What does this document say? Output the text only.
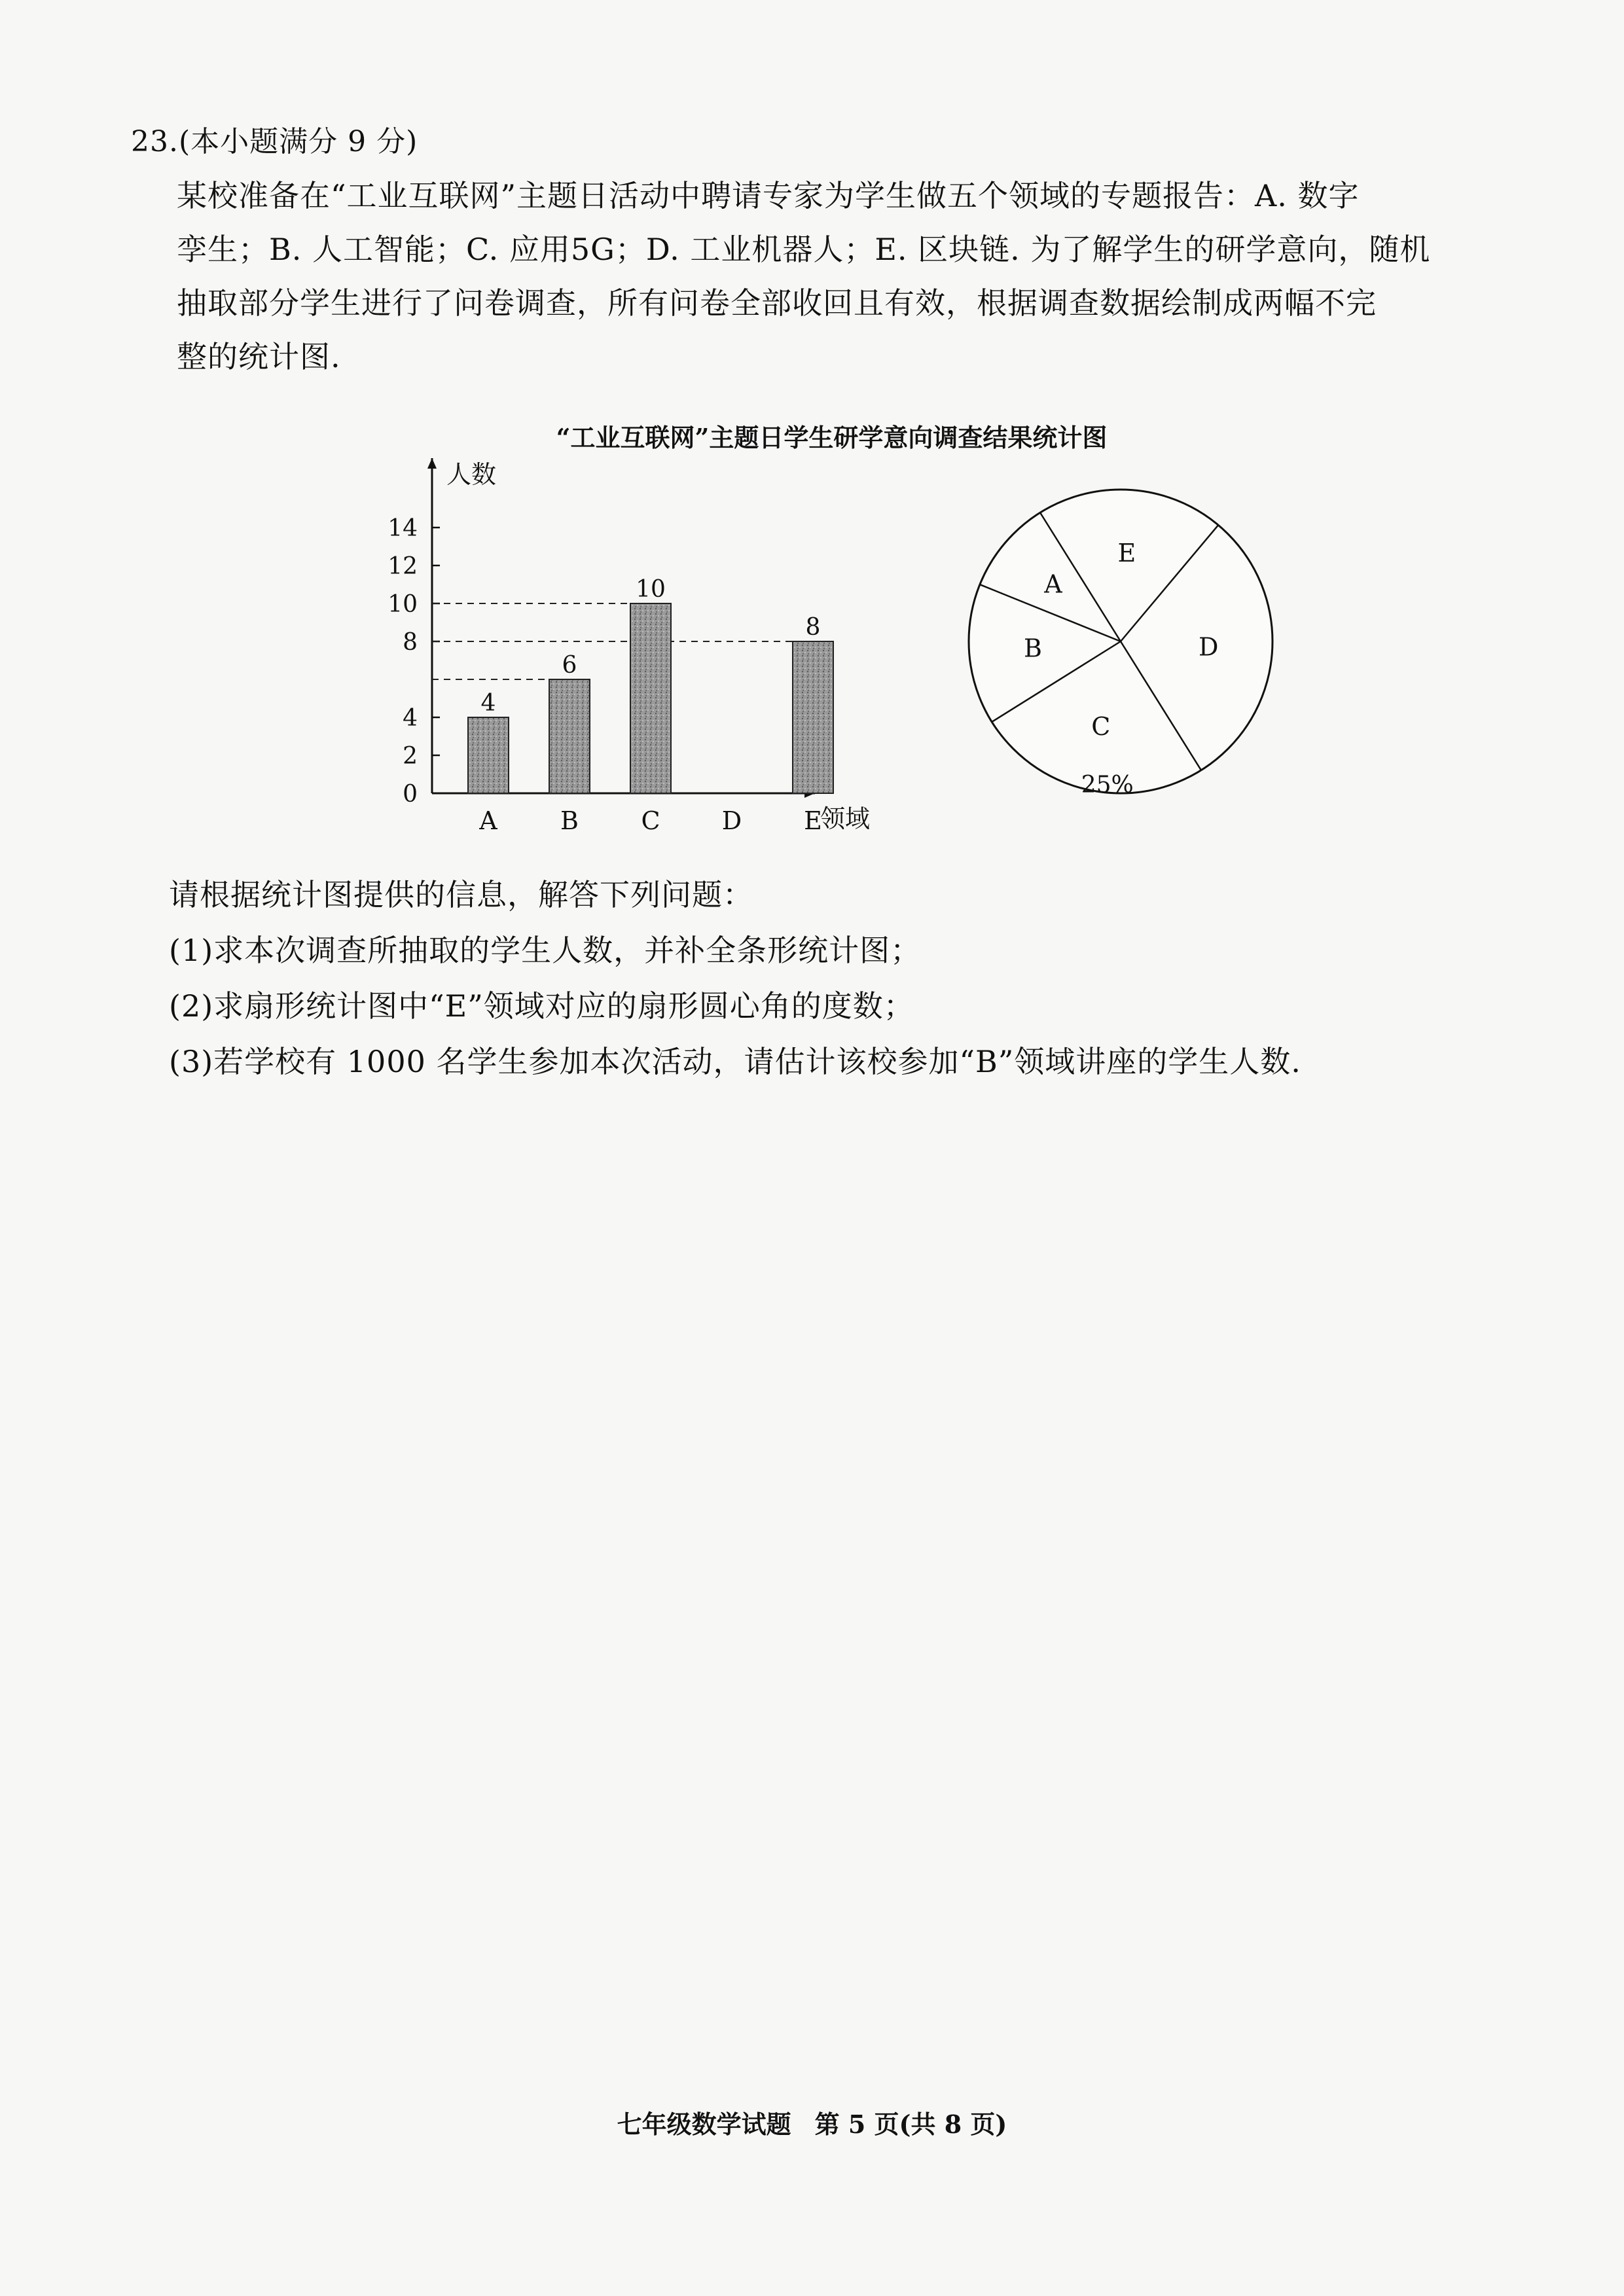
23.(本小题满分 9 分)

某校准备在“工业互联网”主题日活动中聘请专家为学生做五个领域的专题报告：A. 数字

孪生；B. 人工智能；C. 应用5G；D. 工业机器人；E. 区块链. 为了解学生的研学意向，随机

抽取部分学生进行了问卷调查，所有问卷全部收回且有效，根据调查数据绘制成两幅不完

整的统计图.

“工业互联网”主题日学生研学意向调查结果统计图
人数
领域
0
2
4
8
10
12
14
4
A
6
B
10
C D
8
E
A
E
D
C
25%
B

请根据统计图提供的信息，解答下列问题：

(1)求本次调查所抽取的学生人数，并补全条形统计图；

(2)求扇形统计图中“E”领域对应的扇形圆心角的度数；

(3)若学校有 1000 名学生参加本次活动，请估计该校参加“B”领域讲座的学生人数.

七年级数学试题 第 5 页(共 8 页)
